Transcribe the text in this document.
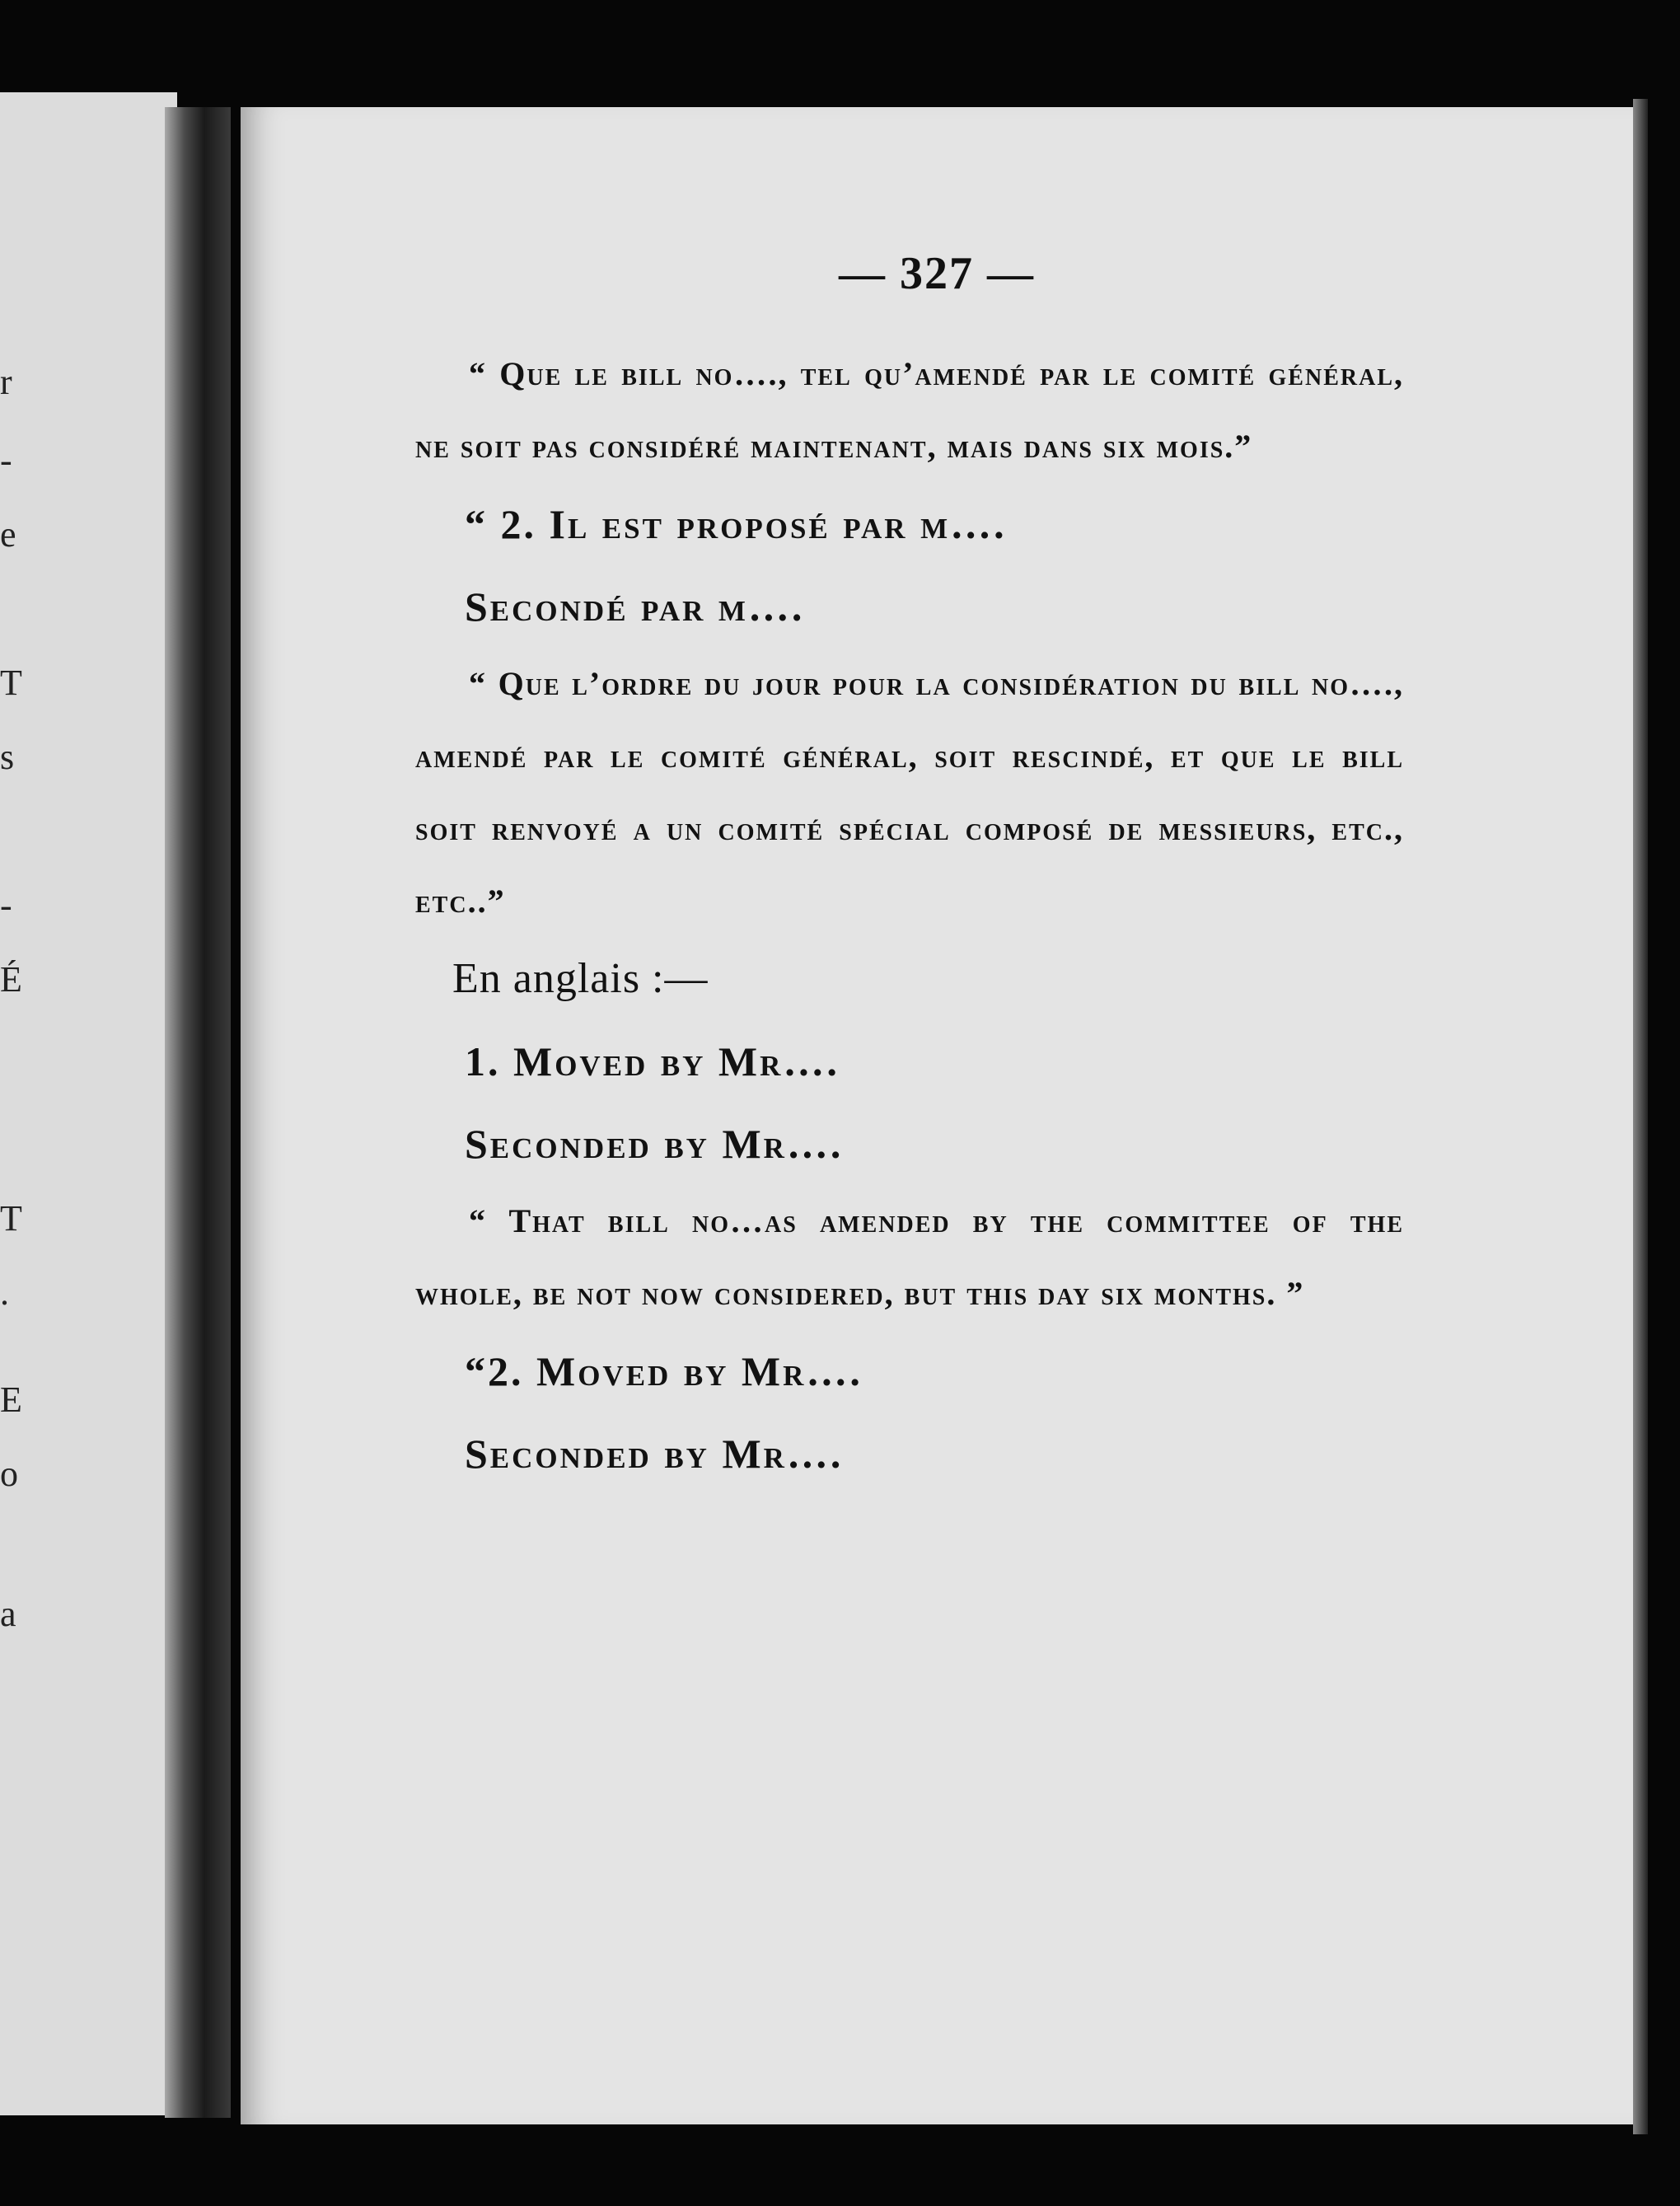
r
-
e
T
s
-
É
T
.
E
o
a
— 327 —

“ Que le bill no…., tel qu’amendé par le comité général, ne soit pas considéré maintenant, mais dans six mois.”

“ 2. Il est proposé par m….

Secondé par m….

“ Que l’ordre du jour pour la considération du bill no…., amendé par le comité général, soit rescindé, et que le bill soit renvoyé a un comité spécial composé de messieurs, etc., etc..”

En anglais :—

1. Moved by Mr….

Seconded by Mr….

“ That bill no…as amended by the committee of the whole, be not now considered, but this day six months. ”

“2. Moved by Mr….

Seconded by Mr….
